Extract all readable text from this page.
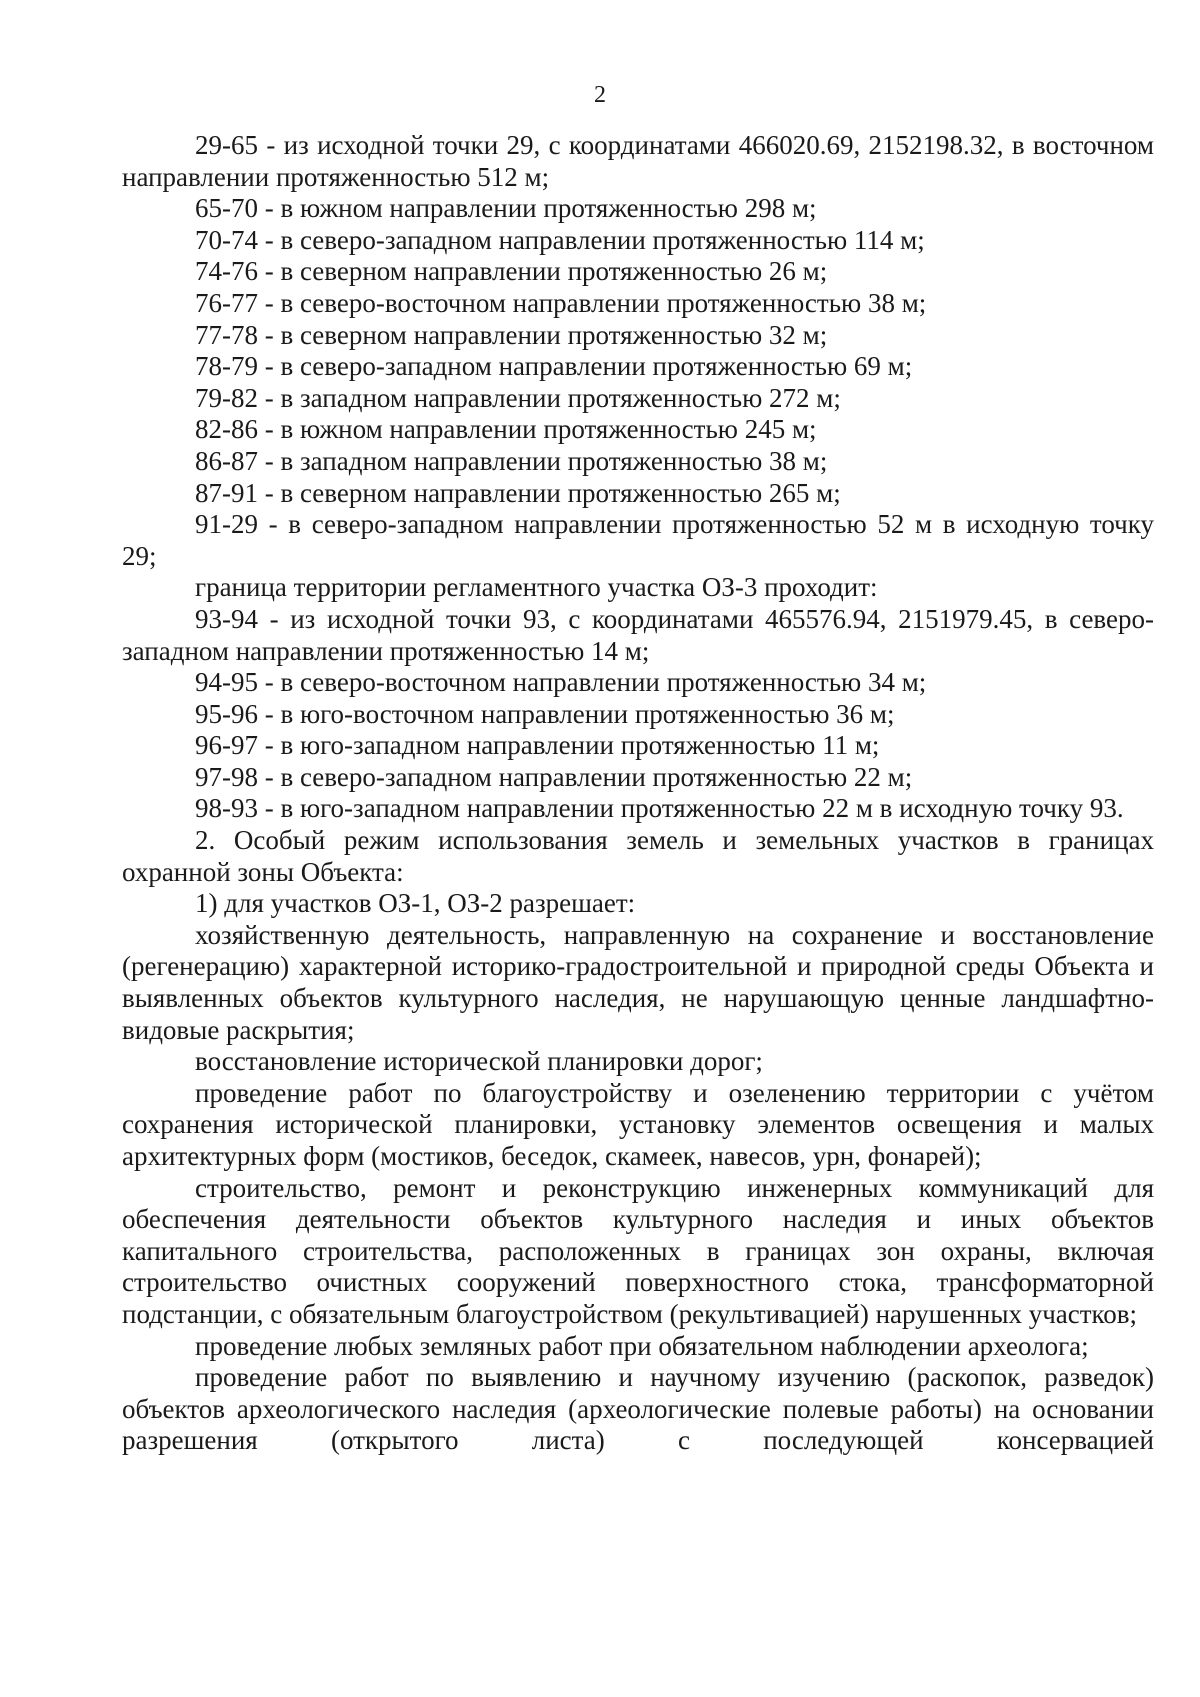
2

29-65 - из исходной точки 29, с координатами 466020.69, 2152198.32, в восточном направлении протяженностью 512 м;

65-70 - в южном направлении протяженностью 298 м;

70-74 - в северо-западном направлении протяженностью 114 м;

74-76 - в северном направлении протяженностью 26 м;

76-77 - в северо-восточном направлении протяженностью 38 м;

77-78 - в северном направлении протяженностью 32 м;

78-79 - в северо-западном направлении протяженностью 69 м;

79-82 - в западном направлении протяженностью 272 м;

82-86 - в южном направлении протяженностью 245 м;

86-87 - в западном направлении протяженностью 38 м;

87-91 - в северном направлении протяженностью 265 м;

91-29 - в северо-западном направлении протяженностью 52 м в исходную точку 29;

граница территории регламентного участка ОЗ-3 проходит:

93-94 - из исходной точки 93, с координатами 465576.94, 2151979.45, в северо-западном направлении протяженностью 14 м;

94-95 - в северо-восточном направлении протяженностью 34 м;

95-96 - в юго-восточном направлении протяженностью 36 м;

96-97 - в юго-западном направлении протяженностью 11 м;

97-98 - в северо-западном направлении протяженностью 22 м;

98-93 - в юго-западном направлении протяженностью 22 м в исходную точку 93.

2. Особый режим использования земель и земельных участков в границах охранной зоны Объекта:

1) для участков ОЗ-1, ОЗ-2 разрешает:

хозяйственную деятельность, направленную на сохранение и восстановление (регенерацию) характерной историко-градостроительной и природной среды Объекта и выявленных объектов культурного наследия, не нарушающую ценные ландшафтно-видовые раскрытия;

восстановление исторической планировки дорог;

проведение работ по благоустройству и озеленению территории с учётом сохранения исторической планировки, установку элементов освещения и малых архитектурных форм (мостиков, беседок, скамеек, навесов, урн, фонарей);

строительство, ремонт и реконструкцию инженерных коммуникаций для обеспечения деятельности объектов культурного наследия и иных объектов капитального строительства, расположенных в границах зон охраны, включая строительство очистных сооружений поверхностного стока, трансформаторной подстанции, с обязательным благоустройством (рекультивацией) нарушенных участков;

проведение любых земляных работ при обязательном наблюдении археолога;

проведение работ по выявлению и научному изучению (раскопок, разведок) объектов археологического наследия (археологические полевые работы) на основании разрешения (открытого листа) с последующей консервацией
